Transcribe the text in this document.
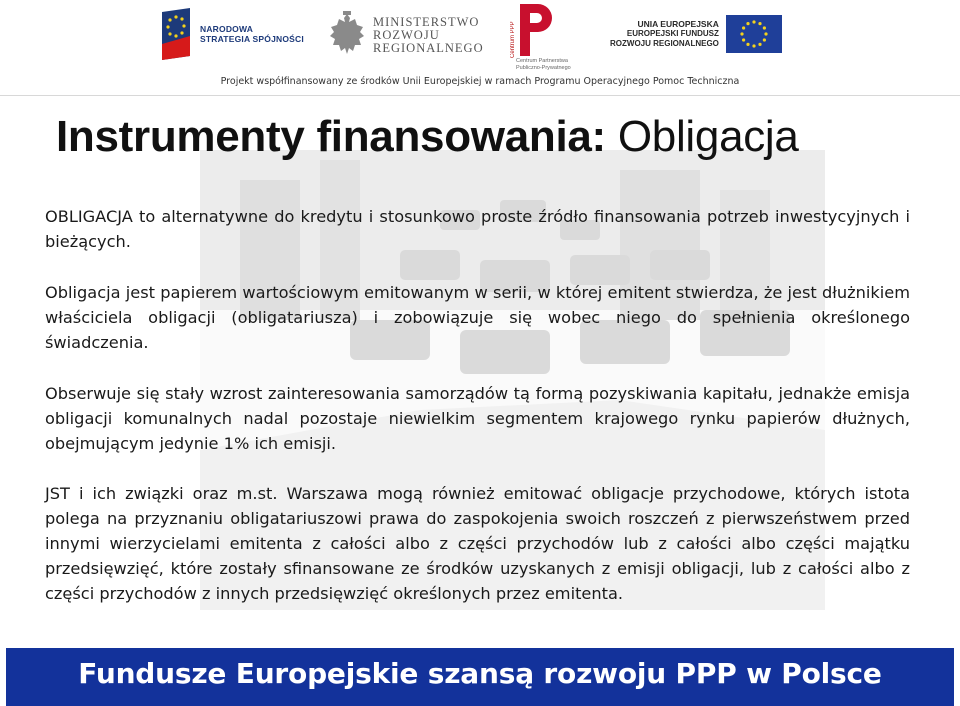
NARODOWA
STRATEGIA SPÓJNOŚCI
MINISTERSTWO
ROZWOJU
REGIONALNEGO	Centrum PPP
Centrum Partnerstwa
Publiczno-Prywatnego
UNIA EUROPEJSKA
EUROPEJSKI FUNDUSZ
ROZWOJU REGIONALNEGO
Projekt współfinansowany ze środków Unii Europejskiej w ramach Programu Operacyjnego Pomoc Techniczna
Instrumenty finansowania: Obligacja

OBLIGACJA to alternatywne do kredytu i stosunkowo proste źródło finansowania potrzeb inwestycyjnych i bieżących.

Obligacja jest papierem wartościowym emitowanym w serii, w której emitent stwierdza, że jest dłużnikiem właściciela obligacji (obligatariusza) i zobowiązuje się wobec niego do spełnienia określonego świadczenia.

Obserwuje się stały wzrost zainteresowania samorządów tą formą pozyskiwania kapitału, jednakże emisja obligacji komunalnych nadal pozostaje niewielkim segmentem krajowego rynku papierów dłużnych, obejmującym jedynie 1% ich emisji.

JST i ich związki oraz m.st. Warszawa mogą również emitować obligacje przychodowe, których istota polega na przyznaniu obligatariuszowi prawa do zaspokojenia swoich roszczeń z pierwszeństwem przed innymi wierzycielami emitenta z całości albo z części przychodów lub z całości albo części majątku przedsięwzięć, które zostały sfinansowane ze środków uzyskanych z emisji obligacji, lub z całości albo z części przychodów z innych przedsięwzięć określonych przez emitenta.

Fundusze Europejskie szansą rozwoju PPP w Polsce
